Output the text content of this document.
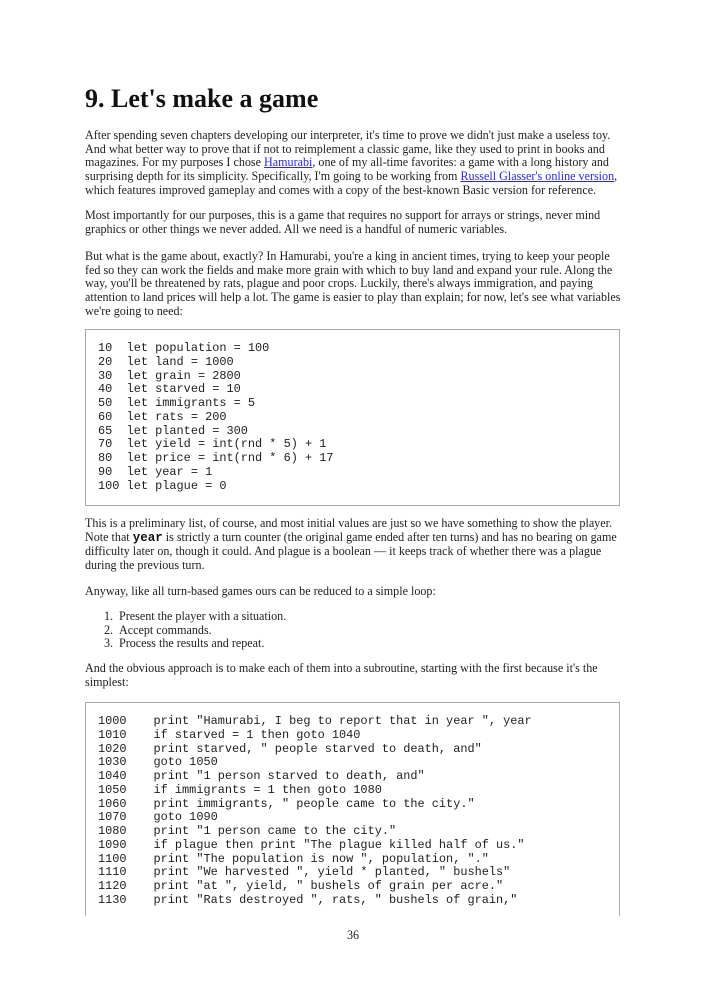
9. Let's make a game

After spending seven chapters developing our interpreter, it's time to prove we didn't just make a useless toy. And what better way to prove that if not to reimplement a classic game, like they used to print in books and magazines. For my purposes I chose Hamurabi, one of my all-time favorites: a game with a long history and surprising depth for its simplicity. Specifically, I'm going to be working from Russell Glasser's online version, which features improved gameplay and comes with a copy of the best-known Basic version for reference.

Most importantly for our purposes, this is a game that requires no support for arrays or strings, never mind graphics or other things we never added. All we need is a handful of numeric variables.

But what is the game about, exactly? In Hamurabi, you're a king in ancient times, trying to keep your people fed so they can work the fields and make more grain with which to buy land and expand your rule. Along the way, you'll be threatened by rats, plague and poor crops. Luckily, there's always immigration, and paying attention to land prices will help a lot. The game is easier to play than explain; for now, let's see what variables we're going to need:

10	let population = 100
20	let land = 1000
30	let grain = 2800
40	let starved = 10
50	let immigrants = 5
60	let rats = 200
65	let planted = 300
70	let yield = int(rnd * 5) + 1
80	let price = int(rnd * 6) + 17
90	let year = 1
100 let plague = 0

This is a preliminary list, of course, and most initial values are just so we have something to show the player. Note that year is strictly a turn counter (the original game ended after ten turns) and has no bearing on game difficulty later on, though it could. And plague is a boolean — it keeps track of whether there was a plague during the previous turn.

Anyway, like all turn-based games ours can be reduced to a simple loop:

1. Present the player with a situation.
2. Accept commands.
3. Process the results and repeat.

And the obvious approach is to make each of them into a subroutine, starting with the first because it's the simplest:

1000	print "Hamurabi, I beg to report that in year ", year
1010	if starved = 1 then goto 1040
1020	print starved, " people starved to death, and"
1030	goto 1050
1040	print "1 person starved to death, and"
1050	if immigrants = 1 then goto 1080
1060	print immigrants, " people came to the city."
1070	goto 1090
1080	print "1 person came to the city."
1090	if plague then print "The plague killed half of us."
1100	print "The population is now ", population, "."
1110	print "We harvested ", yield * planted, " bushels"
1120	print "at ", yield, " bushels of grain per acre."
1130	print "Rats destroyed ", rats, " bushels of grain,"
36
